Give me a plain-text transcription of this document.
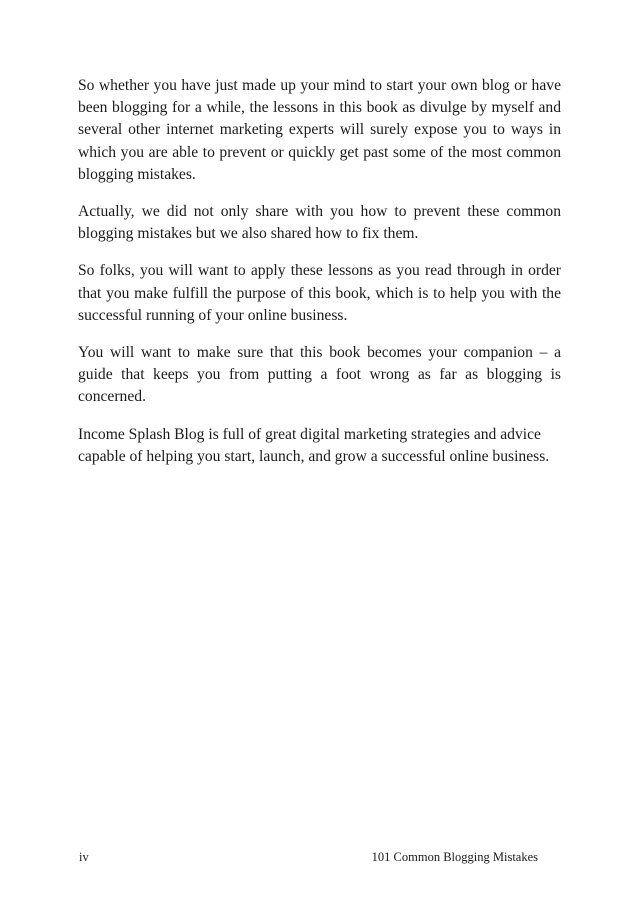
So whether you have just made up your mind to start your own blog or have been blogging for a while, the lessons in this book as divulge by myself and several other internet marketing experts will surely expose you to ways in which you are able to prevent or quickly get past some of the most common blogging mistakes.

Actually, we did not only share with you how to prevent these common blogging mistakes but we also shared how to fix them.

So folks, you will want to apply these lessons as you read through in order that you make fulfill the purpose of this book, which is to help you with the successful running of your online business.

You will want to make sure that this book becomes your companion – a guide that keeps you from putting a foot wrong as far as blogging is concerned.

Income Splash Blog is full of great digital marketing strategies and advice capable of helping you start, launch, and grow a successful online business.

iv	101 Common Blogging Mistakes
